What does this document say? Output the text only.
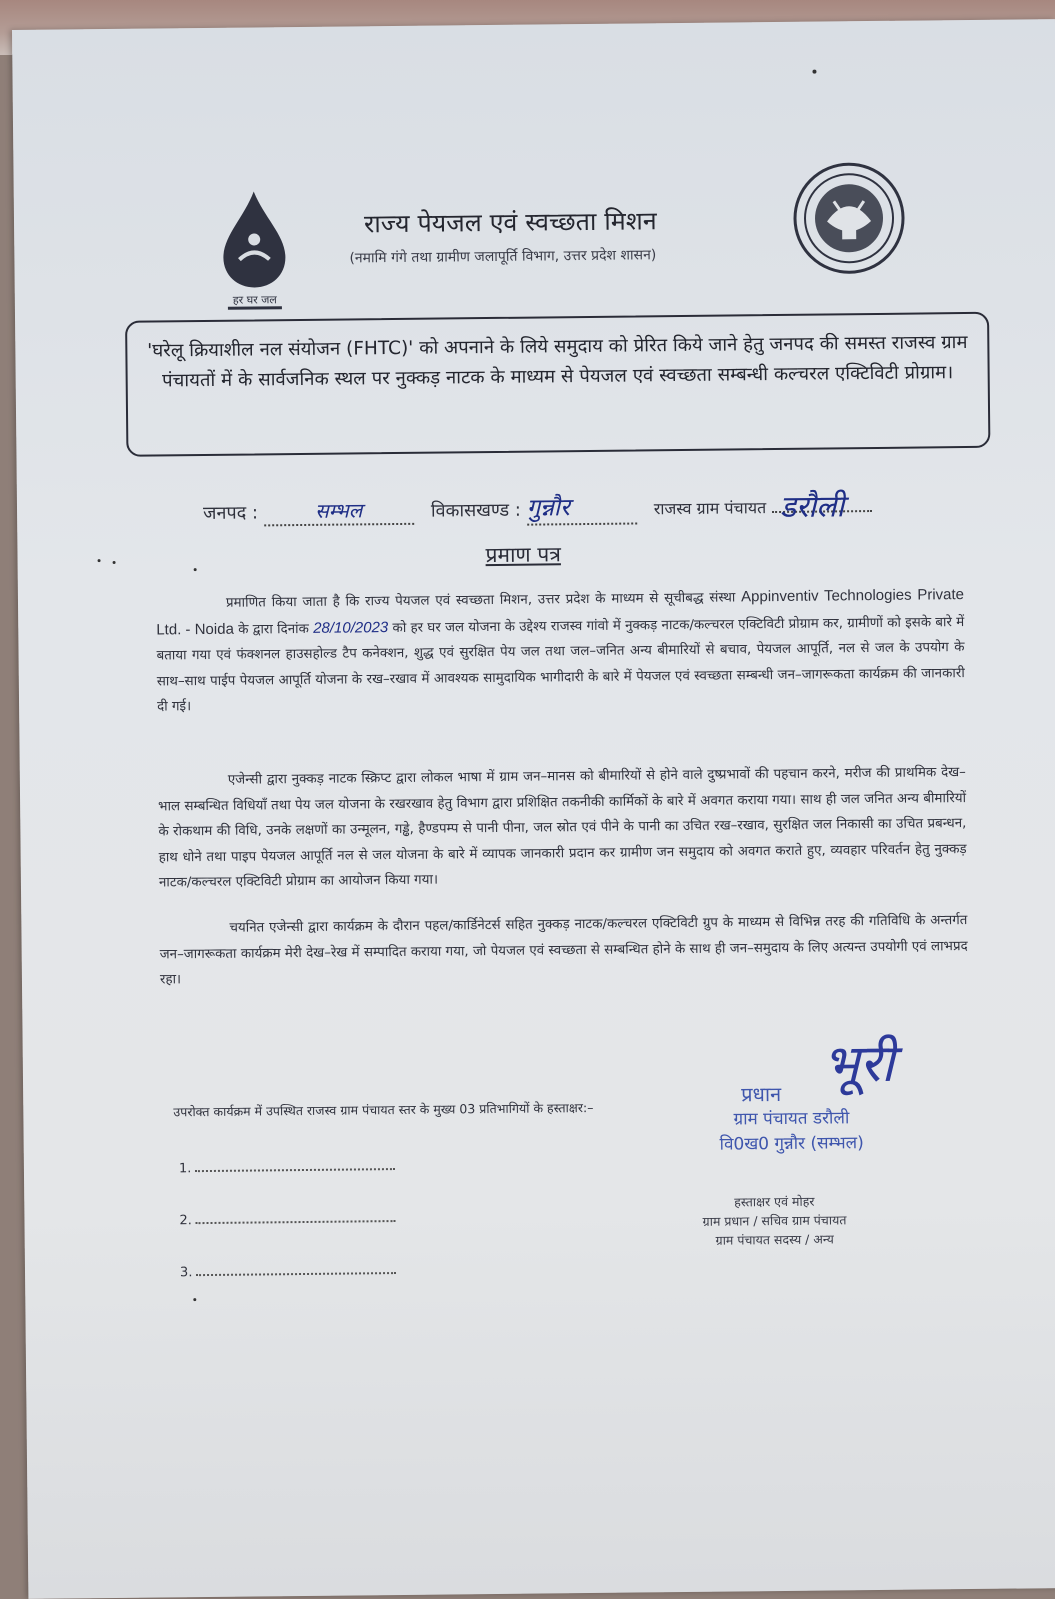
हर घर जल
राज्य पेयजल एवं स्वच्छता मिशन
(नमामि गंगे तथा ग्रामीण जलापूर्ति विभाग, उत्तर प्रदेश शासन)
'घरेलू क्रियाशील नल संयोजन (FHTC)' को अपनाने के लिये समुदाय को प्रेरित किये जाने हेतु जनपद की समस्त राजस्व ग्राम पंचायतों में के सार्वजनिक स्थल पर नुक्कड़ नाटक के माध्यम से पेयजल एवं स्वच्छता सम्बन्धी कल्चरल एक्टिविटी प्रोग्राम।
जनपद :	सम्भल	विकासखण्ड : गुन्नौर	राजस्व ग्राम पंचायत डरौली
प्रमाण पत्र
प्रमाणित किया जाता है कि राज्य पेयजल एवं स्वच्छता मिशन, उत्तर प्रदेश के माध्यम से सूचीबद्ध संस्था Appinventiv Technologies Private Ltd. - Noida के द्वारा दिनांक 28/10/2023 को हर घर जल योजना के उद्देश्य राजस्व गांवो में नुक्कड़ नाटक/कल्चरल एक्टिविटी प्रोग्राम कर, ग्रामीणों को इसके बारे में बताया गया एवं फंक्शनल हाउसहोल्ड टैप कनेक्शन, शुद्ध एवं सुरक्षित पेय जल तथा जल–जनित अन्य बीमारियों से बचाव, पेयजल आपूर्ति, नल से जल के उपयोग के साथ–साथ पाईप पेयजल आपूर्ति योजना के रख–रखाव में आवश्यक सामुदायिक भागीदारी के बारे में पेयजल एवं स्वच्छता सम्बन्धी जन–जागरूकता कार्यक्रम की जानकारी दी गई।
एजेन्सी द्वारा नुक्कड़ नाटक स्क्रिप्ट द्वारा लोकल भाषा में ग्राम जन–मानस को बीमारियों से होने वाले दुष्प्रभावों की पहचान करने, मरीज की प्राथमिक देख–भाल सम्बन्धित विधियाँ तथा पेय जल योजना के रखरखाव हेतु विभाग द्वारा प्रशिक्षित तकनीकी कार्मिकों के बारे में अवगत कराया गया। साथ ही जल जनित अन्य बीमारियों के रोकथाम की विधि, उनके लक्षणों का उन्मूलन, गड्ढे, हैण्डपम्प से पानी पीना, जल स्रोत एवं पीने के पानी का उचित रख–रखाव, सुरक्षित जल निकासी का उचित प्रबन्धन, हाथ धोने तथा पाइप पेयजल आपूर्ति नल से जल योजना के बारे में व्यापक जानकारी प्रदान कर ग्रामीण जन समुदाय को अवगत कराते हुए, व्यवहार परिवर्तन हेतु नुक्कड़ नाटक/कल्चरल एक्टिविटी प्रोग्राम का आयोजन किया गया।
चयनित एजेन्सी द्वारा कार्यक्रम के दौरान पहल/कार्डिनेटर्स सहित नुक्कड़ नाटक/कल्चरल एक्टिविटी ग्रुप के माध्यम से विभिन्न तरह की गतिविधि के अन्तर्गत जन–जागरूकता कार्यक्रम मेरी देख–रेख में सम्पादित कराया गया, जो पेयजल एवं स्वच्छता से सम्बन्धित होने के साथ ही जन–समुदाय के लिए अत्यन्त उपयोगी एवं लाभप्रद रहा।
उपरोक्त कार्यक्रम में उपस्थित राजस्व ग्राम पंचायत स्तर के मुख्य 03 प्रतिभागियों के हस्ताक्षर:–
1.
2.
3.
भूरी
प्रधान
ग्राम पंचायत डरौली
वि0ख0 गुन्नौर (सम्भल)
हस्ताक्षर एवं मोहर
ग्राम प्रधान / सचिव ग्राम पंचायत
ग्राम पंचायत सदस्य / अन्य
